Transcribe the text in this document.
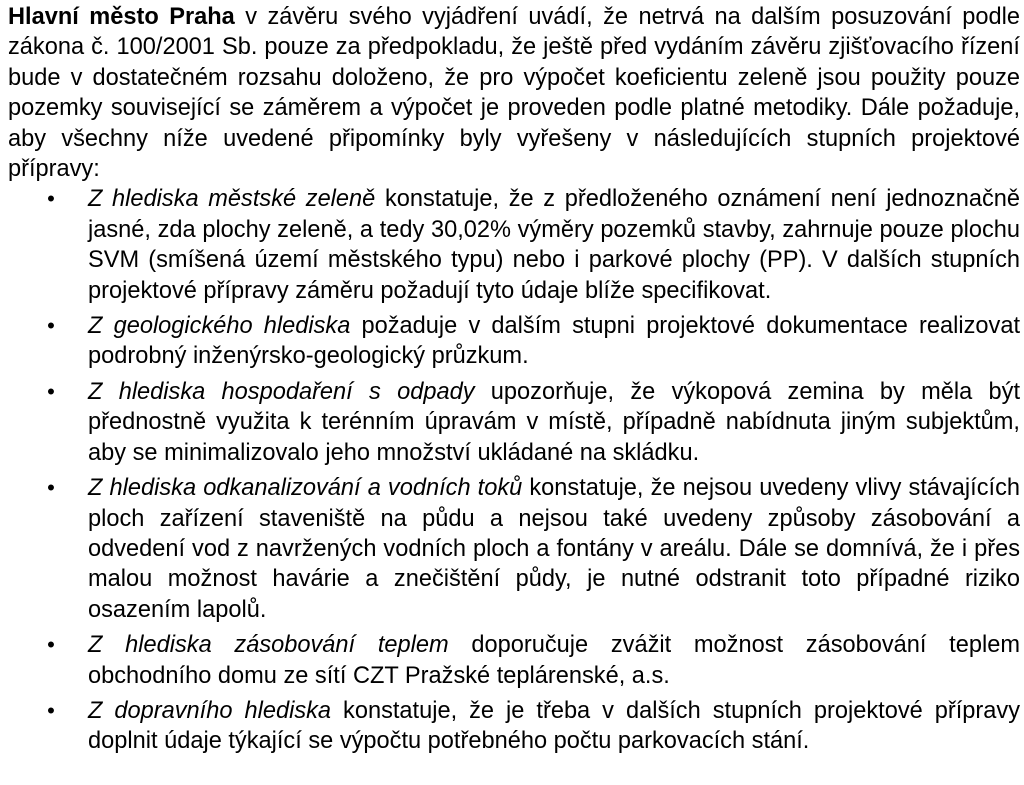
Hlavní město Praha v závěru svého vyjádření uvádí, že netrvá na dalším posuzování podle zákona č. 100/2001 Sb. pouze za předpokladu, že ještě před vydáním závěru zjišťovacího řízení bude v dostatečném rozsahu doloženo, že pro výpočet koeficientu zeleně jsou použity pouze pozemky související se záměrem a výpočet je proveden podle platné metodiky. Dále požaduje, aby všechny níže uvedené připomínky byly vyřešeny v následujících stupních projektové přípravy:

• Z hlediska městské zeleně konstatuje, že z předloženého oznámení není jednoznačně jasné, zda plochy zeleně, a tedy 30,02% výměry pozemků stavby, zahrnuje pouze plochu SVM (smíšená území městského typu) nebo i parkové plochy (PP). V dalších stupních projektové přípravy záměru požadují tyto údaje blíže specifikovat.
• Z geologického hlediska požaduje v dalším stupni projektové dokumentace realizovat podrobný inženýrsko-geologický průzkum.
• Z hlediska hospodaření s odpady upozorňuje, že výkopová zemina by měla být přednostně využita k terénním úpravám v místě, případně nabídnuta jiným subjektům, aby se minimalizovalo jeho množství ukládané na skládku.
• Z hlediska odkanalizování a vodních toků konstatuje, že nejsou uvedeny vlivy stávajících ploch zařízení staveniště na půdu a nejsou také uvedeny způsoby zásobování a odvedení vod z navržených vodních ploch a fontány v areálu. Dále se domnívá, že i přes malou možnost havárie a znečištění půdy, je nutné odstranit toto případné riziko osazením lapolů.
• Z hlediska zásobování teplem doporučuje zvážit možnost zásobování teplem obchodního domu ze sítí CZT Pražské teplárenské, a.s.
• Z dopravního hlediska konstatuje, že je třeba v dalších stupních projektové přípravy doplnit údaje týkající se výpočtu potřebného počtu parkovacích stání.
